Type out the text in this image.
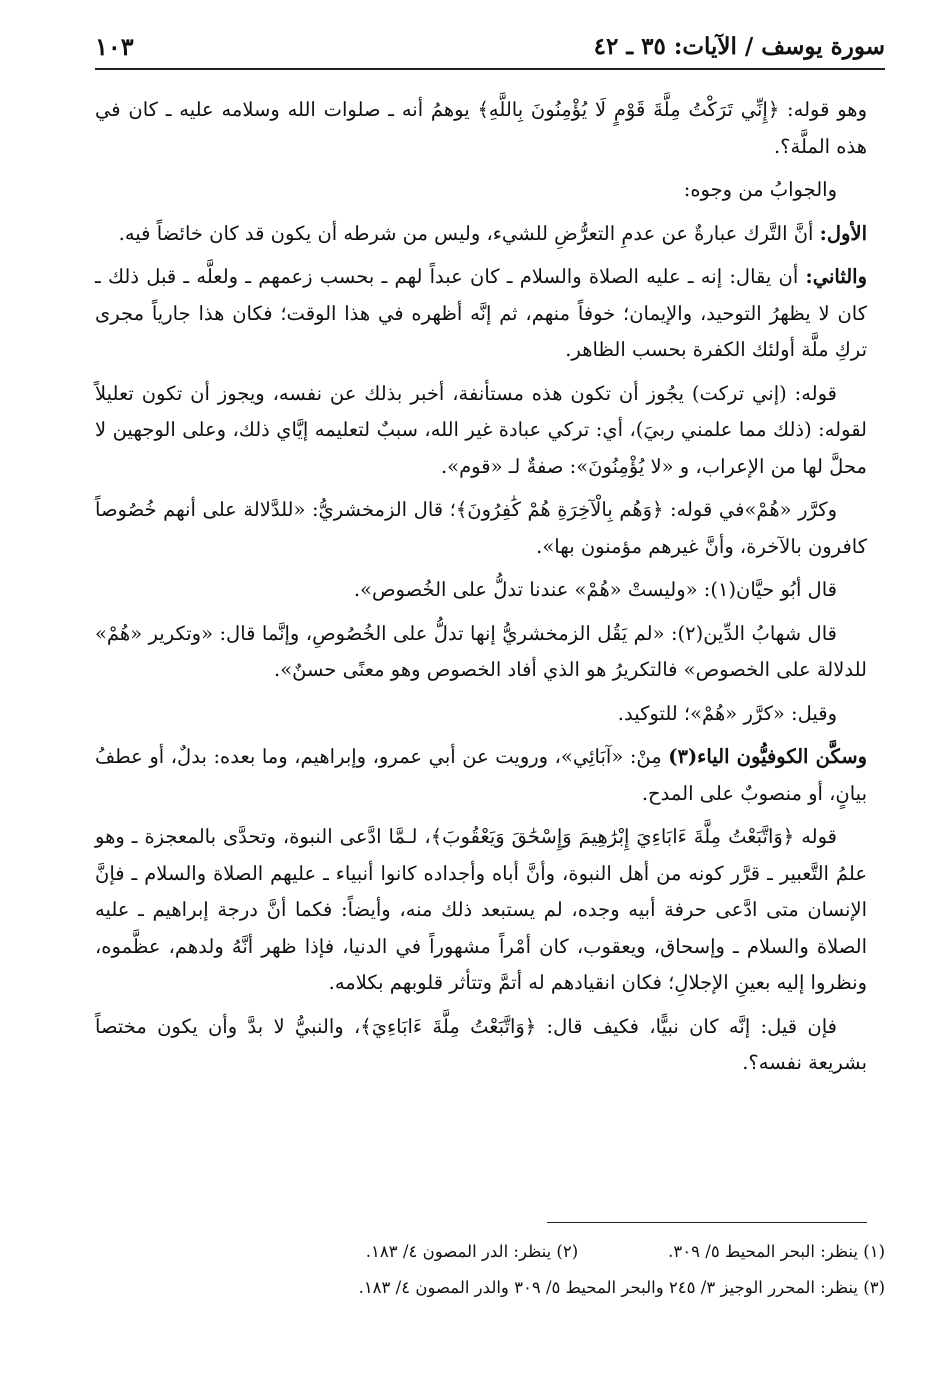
سورة يوسف / الآيات: ٣٥ ـ ٤٢
١٠٣

وهو قوله: ﴿إِنِّي تَرَكْتُ مِلَّةَ قَوْمٍ لَا يُؤْمِنُونَ بِاللَّهِ﴾ يوهمُ أنه ـ صلوات الله وسلامه عليه ـ كان في هذه الملَّة؟.

والجوابُ من وجوه:

الأول: أنَّ التَّرك عبارةٌ عن عدمِ التعرُّضِ للشيء، وليس من شرطه أن يكون قد كان خائضاً فيه.

والثاني: أن يقال: إنه ـ عليه الصلاة والسلام ـ كان عبداً لهم ـ بحسب زعمهم ـ ولعلَّه ـ قبل ذلك ـ كان لا يظهرُ التوحيد، والإيمان؛ خوفاً منهم، ثم إنَّه أظهره في هذا الوقت؛ فكان هذا جارياً مجرى تركِ ملَّة أولئك الكفرة بحسب الظاهر.

قوله: (إني تركت) يجُوز أن تكون هذه مستأنفة، أخبر بذلك عن نفسه، ويجوز أن تكون تعليلاً لقوله: (ذلك مما علمني ربيَ)، أي: تركي عبادة غير الله، سببٌ لتعليمه إيَّاي ذلك، وعلى الوجهين لا محلَّ لها من الإعراب، و «لا يُؤْمِنُونَ»: صفةٌ لـ «قوم».

وكرَّر «هُمْ»في قوله: ﴿وَهُم بِالْآخِرَةِ هُمْ كَٰفِرُونَ﴾؛ قال الزمخشريُّ: «للدَّلالة على أنهم خُصُوصاً كافرون بالآخرة، وأنَّ غيرهم مؤمنون بها».

قال أبُو حيَّان(١): «وليستْ «هُمْ» عندنا تدلُّ على الخُصوص».

قال شهابُ الدِّين(٢): «لم يَقُل الزمخشريُّ إنها تدلُّ على الخُصُوصِ، وإنَّما قال: «وتكرير «هُمْ» للدلالة على الخصوص» فالتكريرُ هو الذي أفاد الخصوص وهو معنًى حسنٌ».

وقيل: «كرَّر «هُمْ»؛ للتوكيد.

وسكَّن الكوفيُّون الياء(٣) مِنْ: «آبَائِي»، ورويت عن أبي عمرو، وإبراهيم، وما بعده: بدلٌ، أو عطفُ بيانٍ، أو منصوبٌ على المدح.

قوله ﴿وَاتَّبَعْتُ مِلَّةَ ءَابَاءِيَ إِبْرَٰهِيمَ وَإِسْحَٰقَ وَيَعْقُوبَ﴾، لـمَّا ادَّعى النبوة، وتحدَّى بالمعجزة ـ وهو علمُ التَّعبير ـ قرَّر كونه من أهل النبوة، وأنَّ أباه وأجداده كانوا أنبياء ـ عليهم الصلاة والسلام ـ فإنَّ الإنسان متى ادَّعى حرفة أبيه وجده، لم يستبعد ذلك منه، وأيضاً: فكما أنَّ درجة إبراهيم ـ عليه الصلاة والسلام ـ وإسحاق، ويعقوب، كان أمْراً مشهوراً في الدنيا، فإذا ظهر أنَّهُ ولدهم، عظَّموه، ونظروا إليه بعينِ الإجلالِ؛ فكان انقيادهم له أتمَّ وتتأثر قلوبهم بكلامه.

فإن قيل: إنَّه كان نبيًّا، فكيف قال: ﴿وَاتَّبَعْتُ مِلَّةَ ءَابَاءِيَ﴾، والنبيُّ لا بدَّ وأن يكون مختصاً بشريعة نفسه؟.

(١) ينظر: البحر المحيط ٥/ ٣٠٩.
(٢) ينظر: الدر المصون ٤/ ١٨٣.
(٣) ينظر: المحرر الوجيز ٣/ ٢٤٥ والبحر المحيط ٥/ ٣٠٩ والدر المصون ٤/ ١٨٣.
